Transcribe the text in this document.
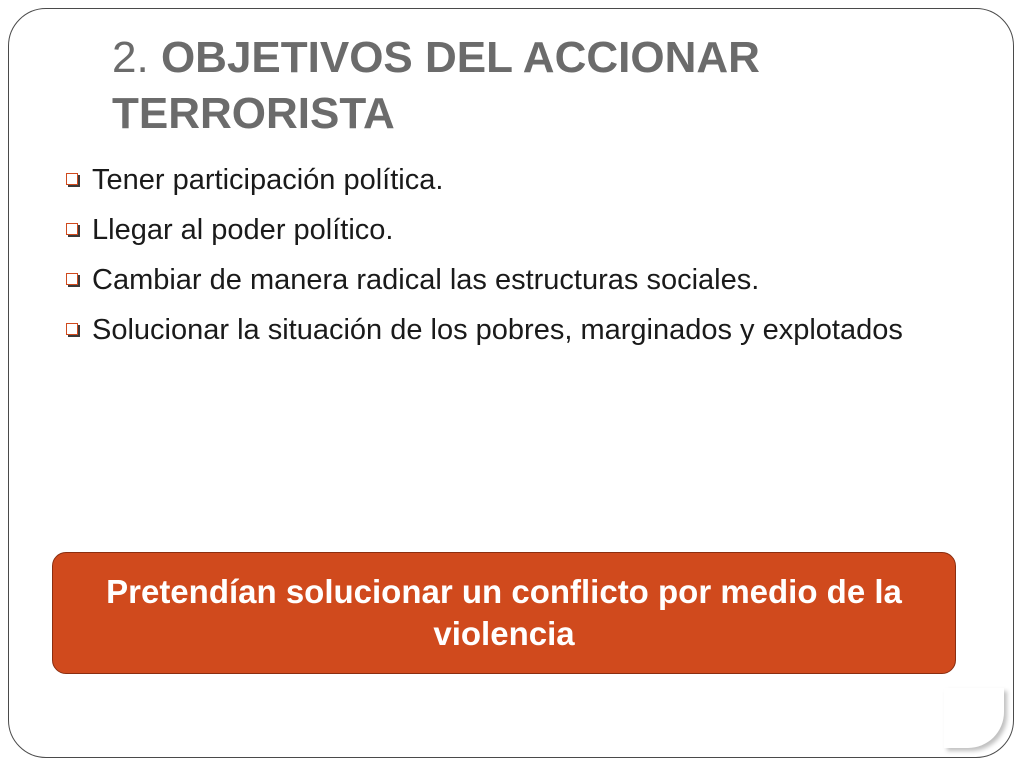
2. OBJETIVOS DEL ACCIONAR TERRORISTA
Tener participación política.
Llegar al poder político.
Cambiar de manera radical las estructuras sociales.
Solucionar la situación de los pobres, marginados y explotados
Pretendían solucionar un conflicto por medio de la violencia
